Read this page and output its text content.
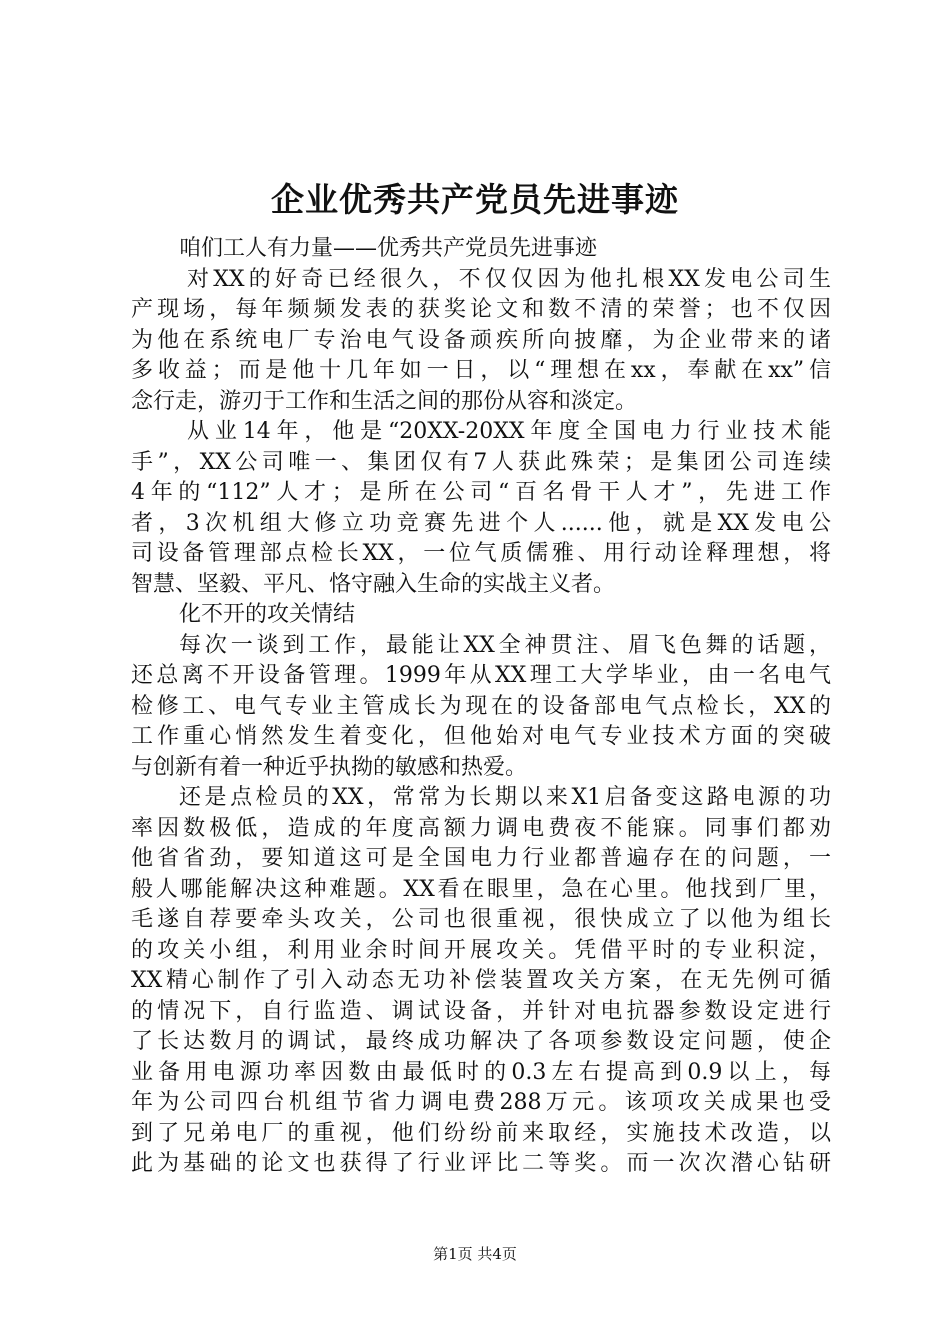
企业优秀共产党员先进事迹
咱们工人有力量——优秀共产党员先进事迹
对XX的好奇已经很久，不仅仅因为他扎根XX发电公司生
产现场，每年频频发表的获奖论文和数不清的荣誉；也不仅因
为他在系统电厂专治电气设备顽疾所向披靡，为企业带来的诸
多收益；而是他十几年如一日，以“理想在xx，奉献在xx”信
念行走，游刃于工作和生活之间的那份从容和淡定。
从业14年，他是“20XX-20XX年度全国电力行业技术能
手”，XX公司唯一、集团仅有7人获此殊荣；是集团公司连续
4年的“112”人才；是所在公司“百名骨干人才”，先进工作
者，3次机组大修立功竞赛先进个人......他，就是XX发电公
司设备管理部点检长XX，一位气质儒雅、用行动诠释理想，将
智慧、坚毅、平凡、恪守融入生命的实战主义者。
化不开的攻关情结
每次一谈到工作，最能让XX全神贯注、眉飞色舞的话题，
还总离不开设备管理。1999年从XX理工大学毕业，由一名电气
检修工、电气专业主管成长为现在的设备部电气点检长，XX的
工作重心悄然发生着变化，但他始对电气专业技术方面的突破
与创新有着一种近乎执拗的敏感和热爱。
还是点检员的XX，常常为长期以来X1启备变这路电源的功
率因数极低，造成的年度高额力调电费夜不能寐。同事们都劝
他省省劲，要知道这可是全国电力行业都普遍存在的问题，一
般人哪能解决这种难题。XX看在眼里，急在心里。他找到厂里，
毛遂自荐要牵头攻关，公司也很重视，很快成立了以他为组长
的攻关小组，利用业余时间开展攻关。凭借平时的专业积淀，
XX精心制作了引入动态无功补偿装置攻关方案，在无先例可循
的情况下，自行监造、调试设备，并针对电抗器参数设定进行
了长达数月的调试，最终成功解决了各项参数设定问题，使企
业备用电源功率因数由最低时的0.3左右提高到0.9以上，每
年为公司四台机组节省力调电费288万元。该项攻关成果也受
到了兄弟电厂的重视，他们纷纷前来取经，实施技术改造，以
此为基础的论文也获得了行业评比二等奖。而一次次潜心钻研
第1页 共4页
